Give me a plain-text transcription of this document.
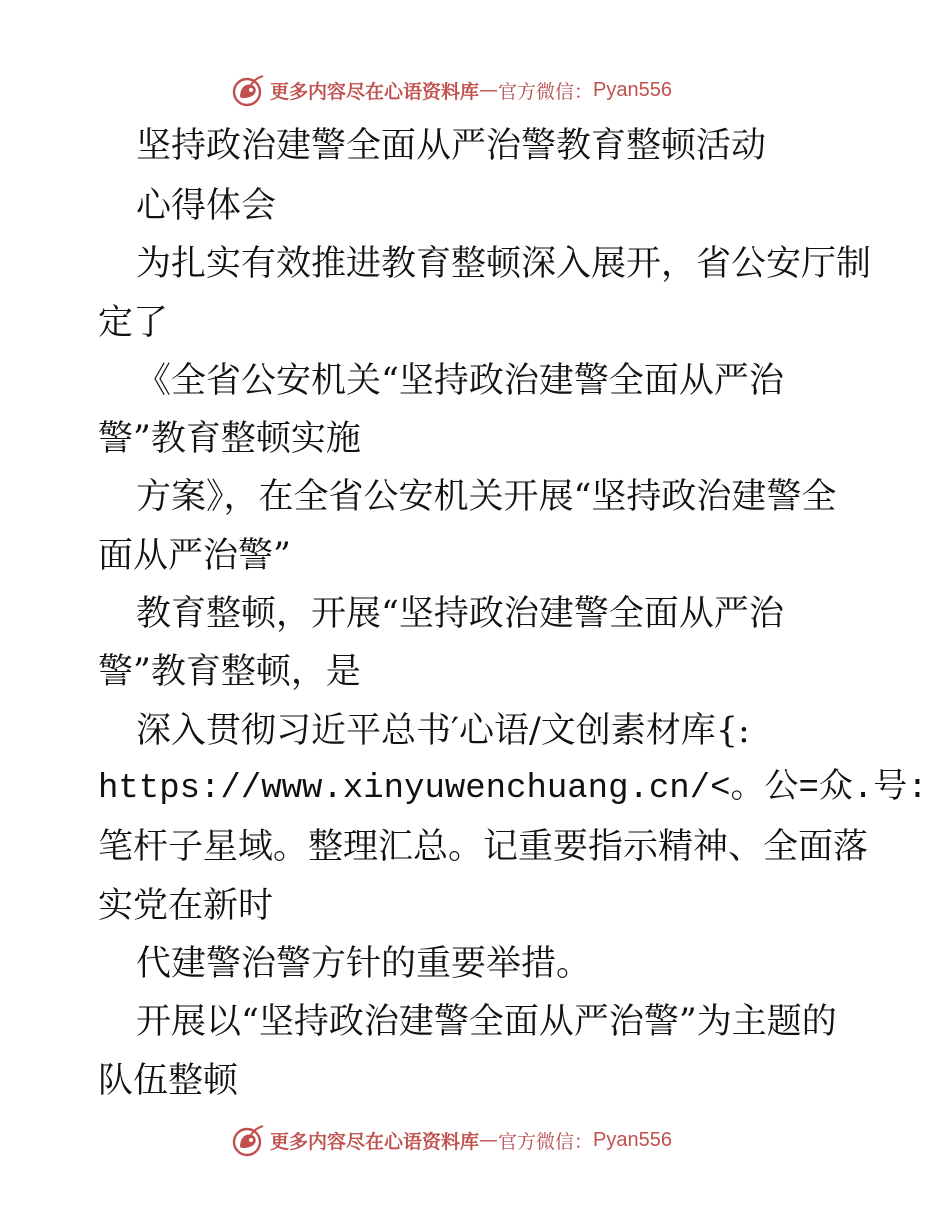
更多内容尽在心语资料库 — 官方微信： Pyan556
坚持政治建警全面从严治警教育整顿活动
心得体会
为扎实有效推进教育整顿深入展开，省公安厅制
定了
《全省公安机关“坚持政治建警全面从严治
警”教育整顿实施
方案》，在全省公安机关开展“坚持政治建警全
面从严治警”
教育整顿，开展“坚持政治建警全面从严治
警”教育整顿，是
深入贯彻习近平总书′心语/文创素材库{:
https://www.xinyuwenchuang.cn/<。公=众.号:
笔杆子星域。整理汇总。记重要指示精神、全面落
实党在新时
代建警治警方针的重要举措。
开展以“坚持政治建警全面从严治警”为主题的
队伍整顿
更多内容尽在心语资料库 — 官方微信： Pyan556
